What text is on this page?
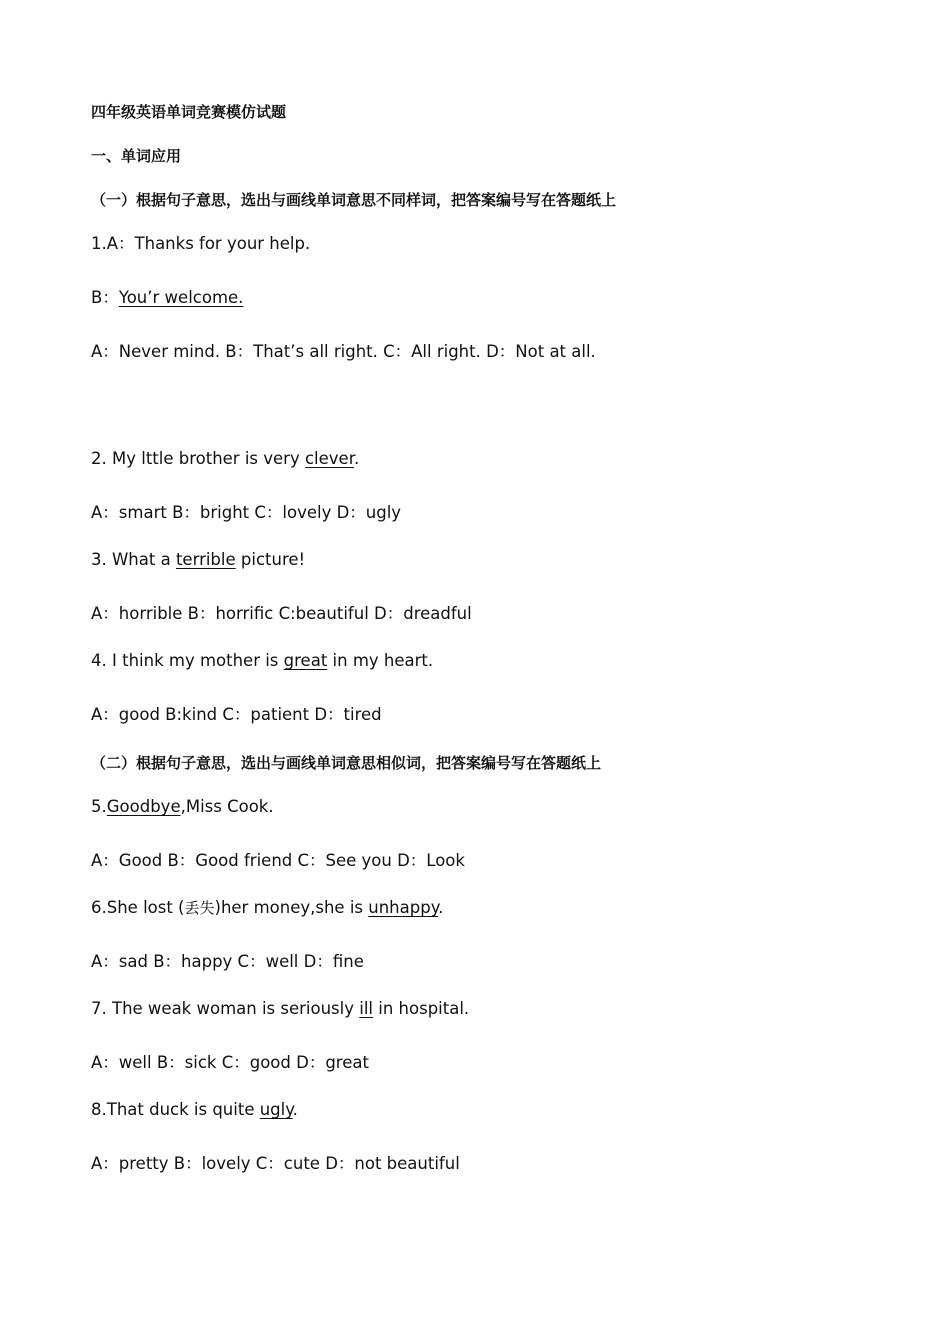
四年级英语单词竞赛模仿试题
一、单词应用
（一）根据句子意思，选出与画线单词意思不同样词，把答案编号写在答题纸上
1.A：Thanks for your help.
B：You’r welcome.
A：Never mind. B：That’s all right. C：All right. D：Not at all.
2. My lttle brother is very clever.
A：smart B：bright C：lovely D：ugly
3. What a terrible picture!
A：horrible B：horrific C:beautiful D：dreadful
4. I think my mother is great in my heart.
A：good B:kind C：patient D：tired
（二）根据句子意思，选出与画线单词意思相似词，把答案编号写在答题纸上
5.Goodbye,Miss Cook.
A：Good B：Good friend C：See you D：Look
6.She lost (丢失)her money,she is unhappy.
A：sad B：happy C：well D：fine
7. The weak woman is seriously ill in hospital.
A：well B：sick C：good D：great
8.That duck is quite ugly.
A：pretty B：lovely C：cute D：not beautiful
